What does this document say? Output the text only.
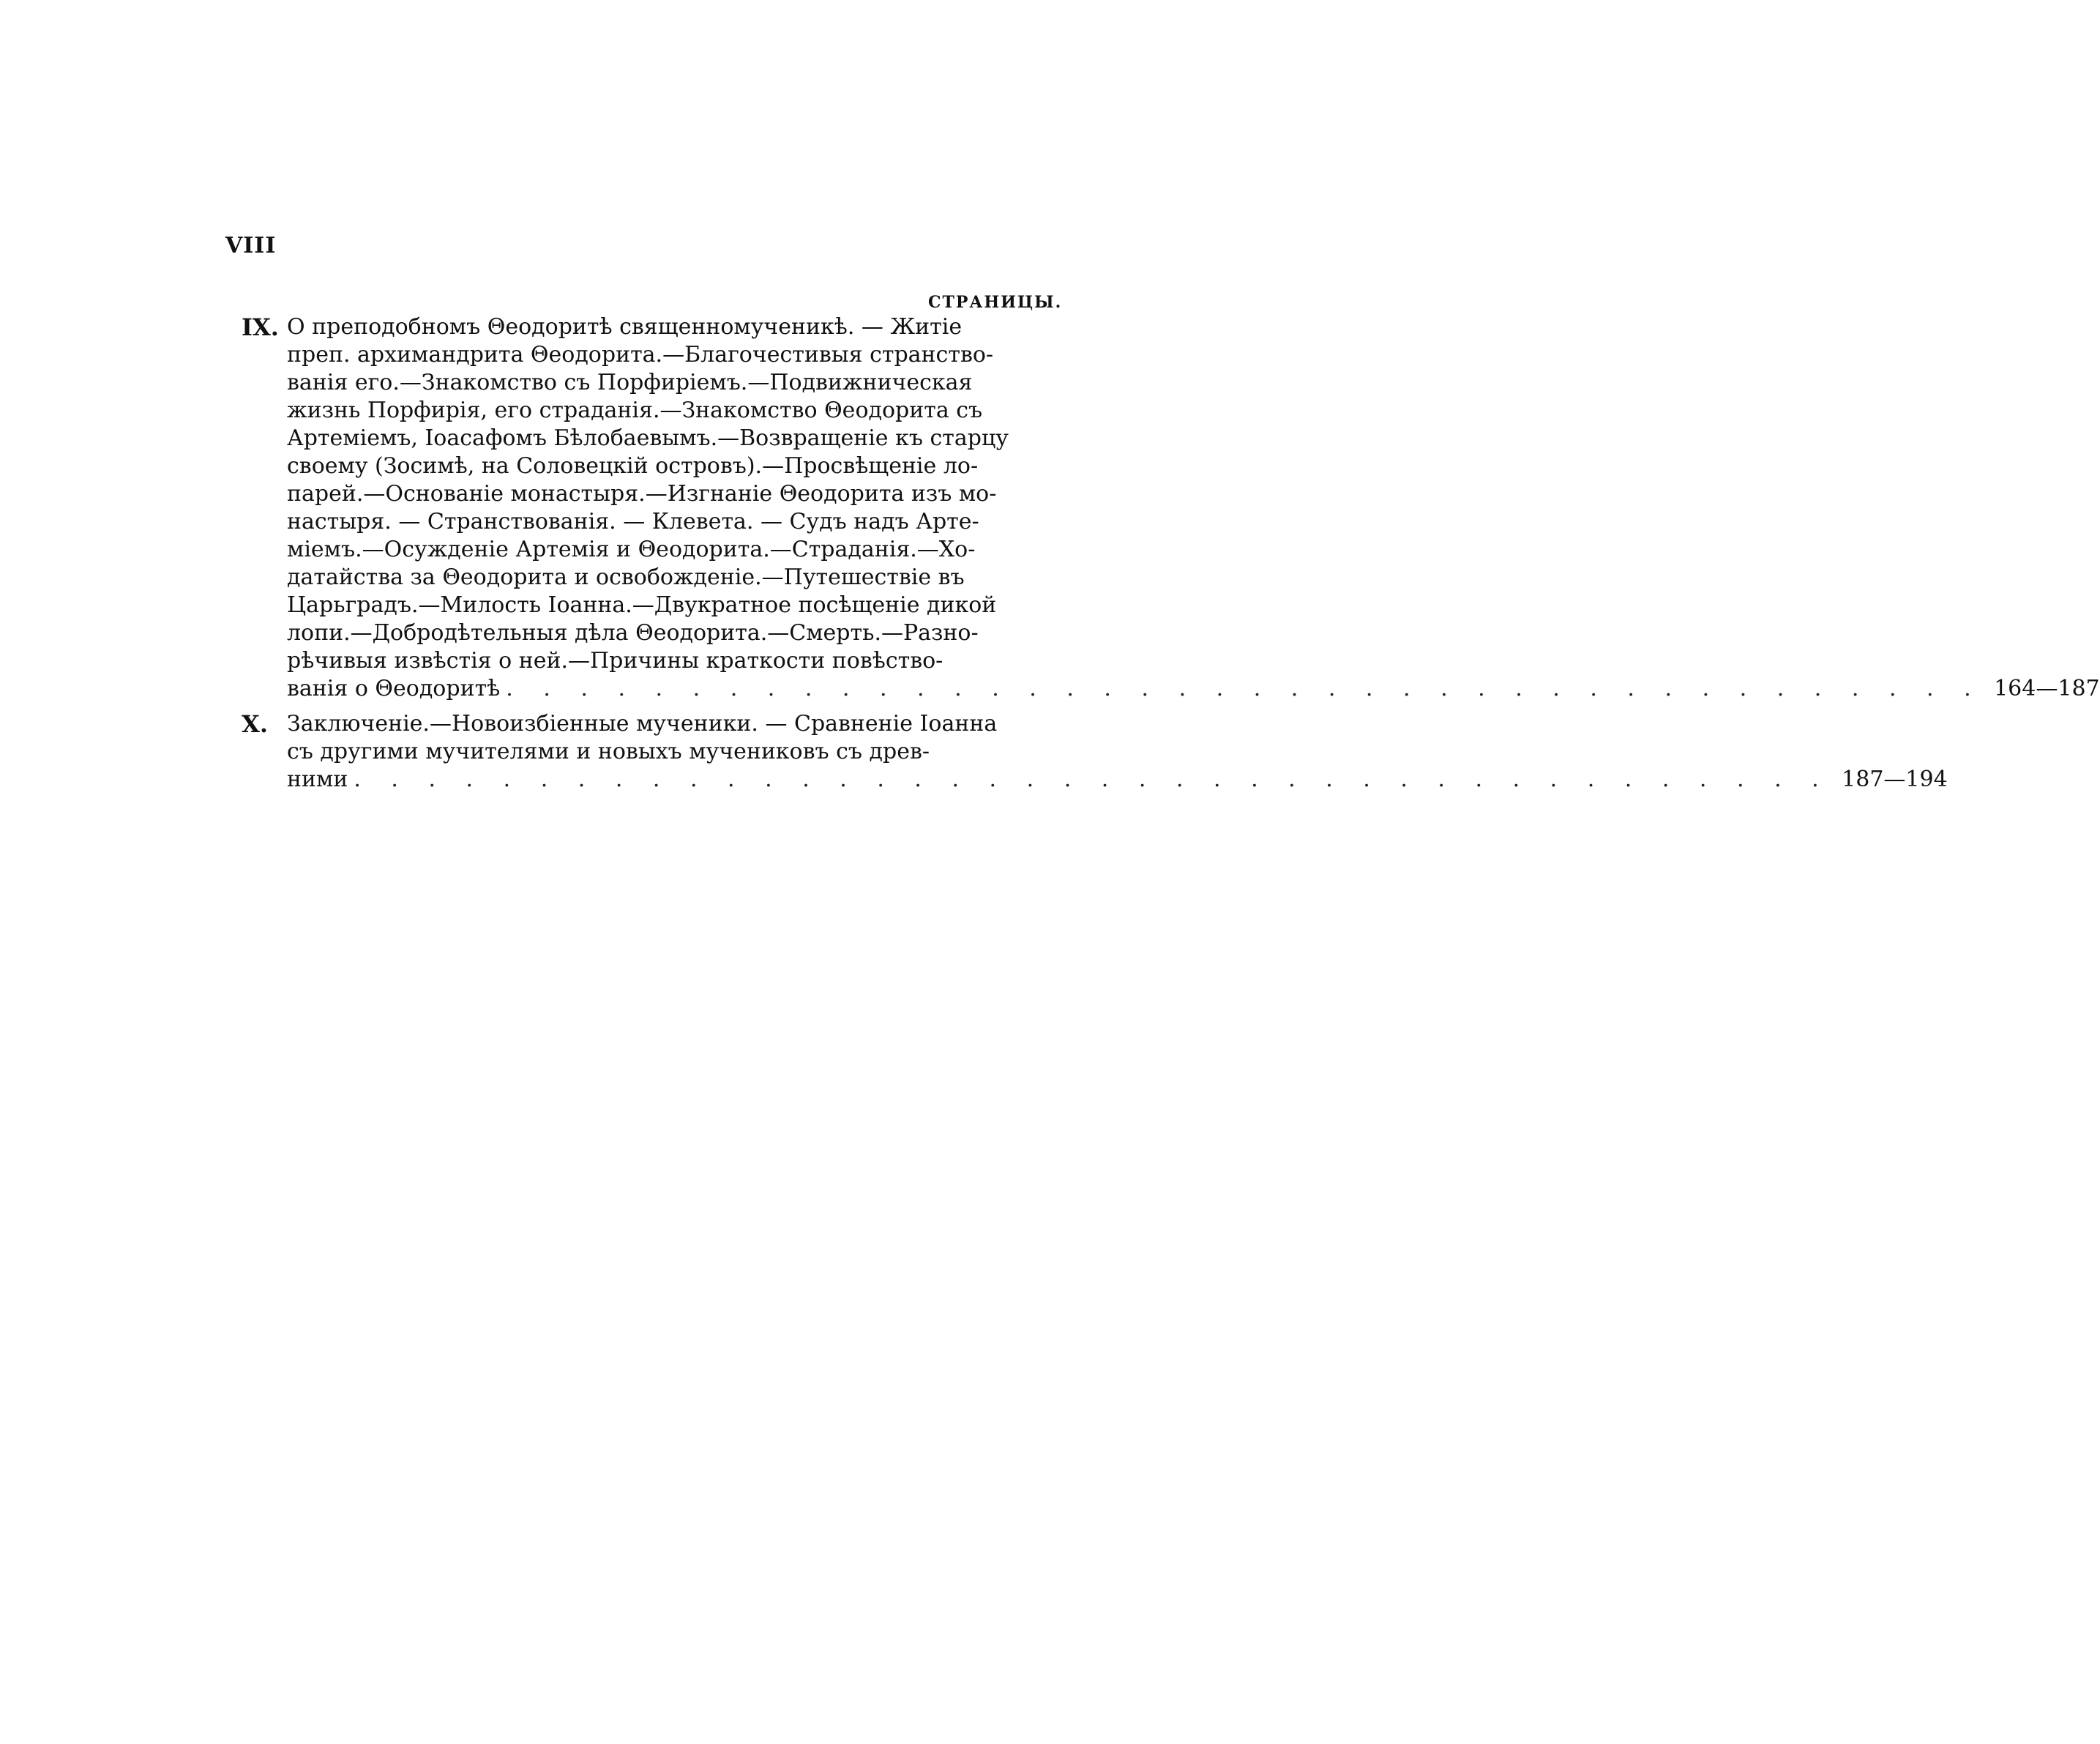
VIII
СТРАНИЦЫ.
IX. О преподобномъ Θеодоритѣ священномученикѣ. — Житіе
преп. архимандрита Θеодорита.—Благочестивыя странство-
ванія его.—Знакомство съ Порфиріемъ.—Подвижническая
жизнь Порфирія, его страданія.—Знакомство Θеодорита съ
Артеміемъ, Іоасафомъ Бѣлобаевымъ.—Возвращеніе къ старцу
своему (Зосимѣ, на Соловецкій островъ).—Просвѣщеніе ло-
парей.—Основаніе монастыря.—Изгнаніе Θеодорита изъ мо-
настыря. — Странствованія. — Клевета. — Судъ надъ Арте-
міемъ.—Осужденіе Артемія и Θеодорита.—Страданія.—Хо-
датайства за Θеодорита и освобожденіе.—Путешествіе въ
Царьградъ.—Милость Іоанна.—Двукратное посѣщеніе дикой
лопи.—Добродѣтельныя дѣла Θеодорита.—Смерть.—Разно-
рѣчивыя извѣстія о ней.—Причины краткости повѣство-
ванія о Θеодоритѣ . . . . . . . . . . . . . . . . . . . . . . . . . . . . . . . . . . . . . . . . 164—187
X. Заключеніе.—Новоизбіенные мученики. — Сравненіе Іоанна
съ другими мучителями и новыхъ мучениковъ съ древ-
ними . . . . . . . . . . . . . . . . . . . . . . . . . . . . . . . . . . . . . . . . 187—194
